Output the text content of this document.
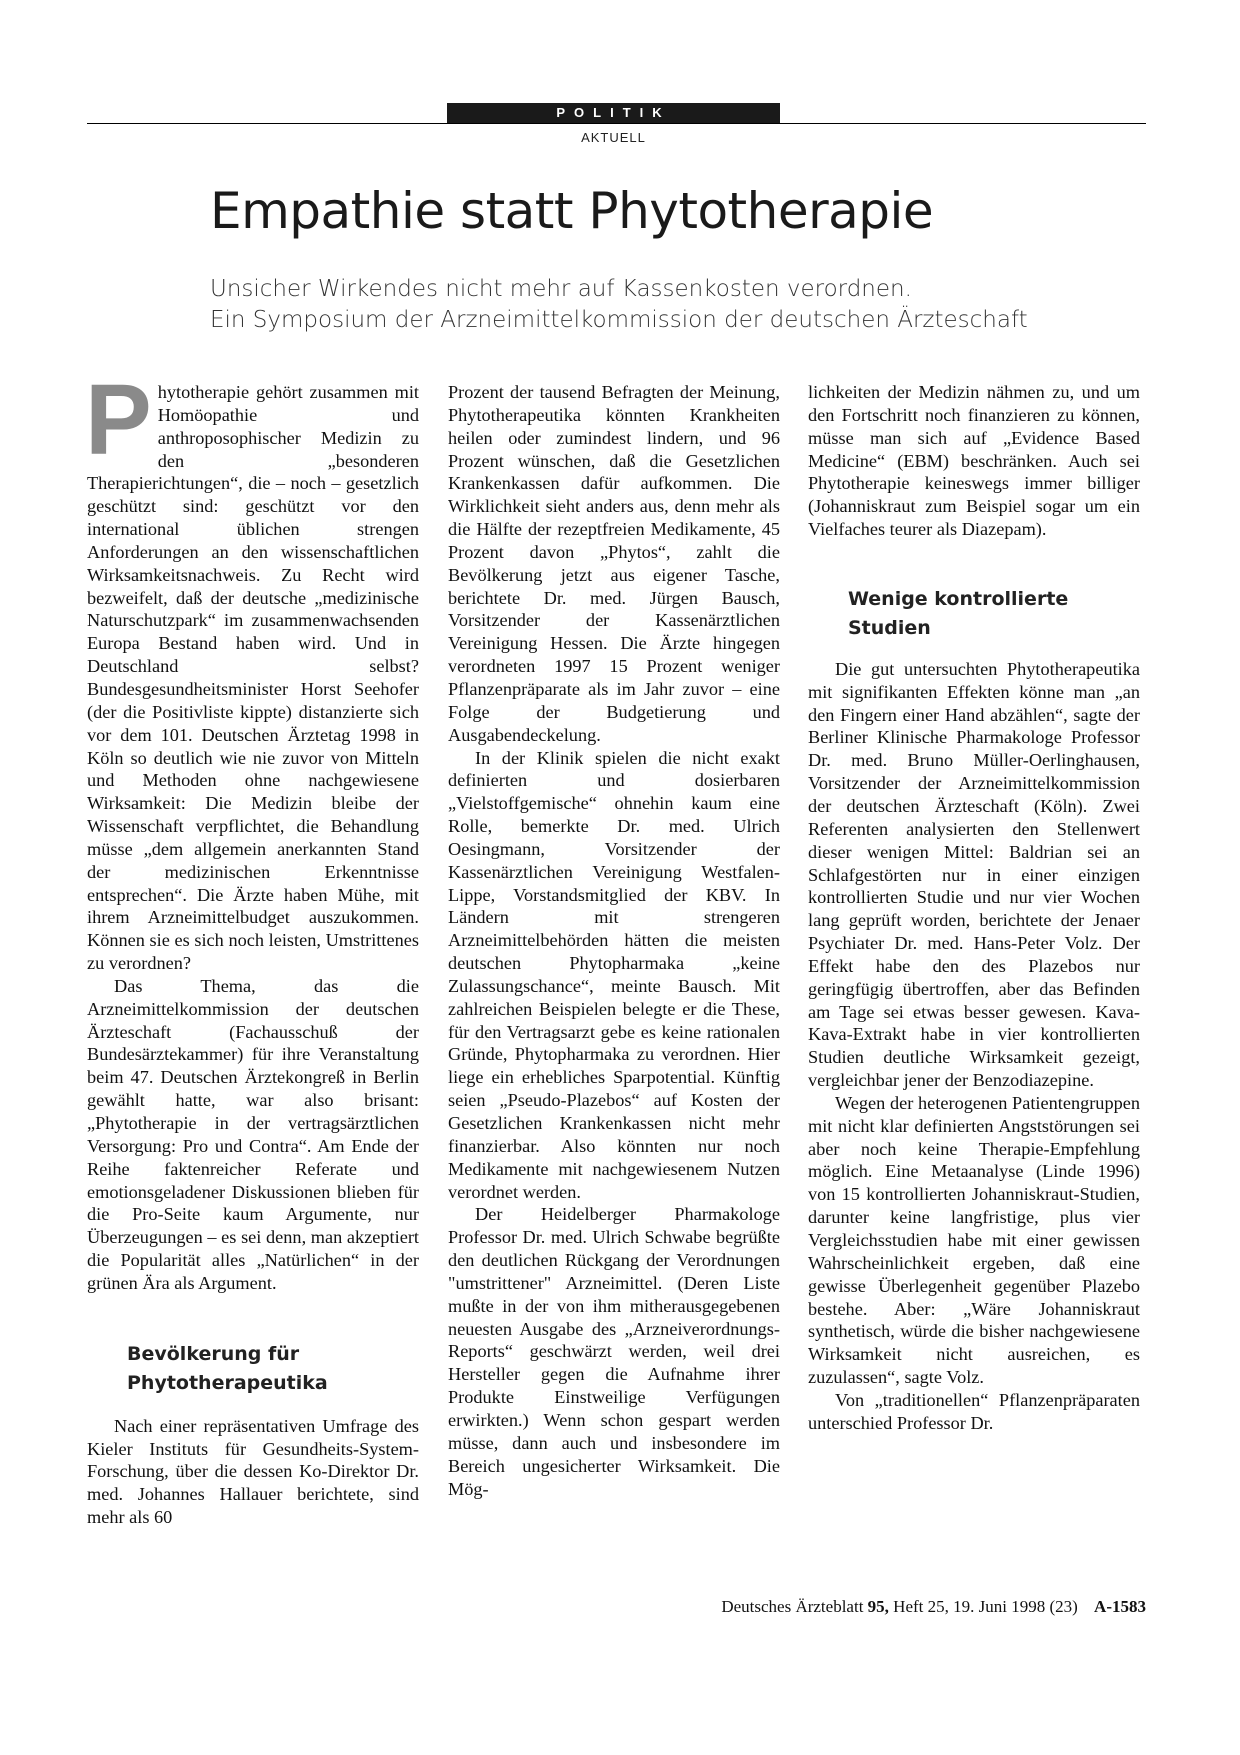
POLITIK
AKTUELL
Empathie statt Phytotherapie
Unsicher Wirkendes nicht mehr auf Kassenkosten verordnen.
Ein Symposium der Arzneimittelkommission der deutschen Ärzteschaft

Phytotherapie gehört zusammen mit Homöopathie und anthroposophischer Medizin zu den „besonderen Therapierichtungen“, die – noch – gesetzlich geschützt sind: geschützt vor den international üblichen strengen Anforderungen an den wissenschaftlichen Wirksamkeitsnachweis. Zu Recht wird bezweifelt, daß der deutsche „medizinische Naturschutzpark“ im zusammenwachsenden Europa Bestand haben wird. Und in Deutschland selbst? Bundesgesundheitsminister Horst Seehofer (der die Positivliste kippte) distanzierte sich vor dem 101. Deutschen Ärztetag 1998 in Köln so deutlich wie nie zuvor von Mitteln und Methoden ohne nachgewiesene Wirksamkeit: Die Medizin bleibe der Wissenschaft verpflichtet, die Behandlung müsse „dem allgemein anerkannten Stand der medizinischen Erkenntnisse entsprechen“. Die Ärzte haben Mühe, mit ihrem Arzneimittelbudget auszukommen. Können sie es sich noch leisten, Umstrittenes zu verordnen?

Das Thema, das die Arzneimittelkommission der deutschen Ärzteschaft (Fachausschuß der Bundesärztekammer) für ihre Veranstaltung beim 47. Deutschen Ärztekongreß in Berlin gewählt hatte, war also brisant: „Phytotherapie in der vertragsärztlichen Versorgung: Pro und Contra“. Am Ende der Reihe faktenreicher Referate und emotionsgeladener Diskussionen blieben für die Pro-Seite kaum Argumente, nur Überzeugungen – es sei denn, man akzeptiert die Popularität alles „Natürlichen“ in der grünen Ära als Argument.

Bevölkerung für
Phytotherapeutika

Nach einer repräsentativen Umfrage des Kieler Instituts für Gesundheits-System-Forschung, über die dessen Ko-Direktor Dr. med. Johannes Hallauer berichtete, sind mehr als 60

Prozent der tausend Befragten der Meinung, Phytotherapeutika könnten Krankheiten heilen oder zumindest lindern, und 96 Prozent wünschen, daß die Gesetzlichen Krankenkassen dafür aufkommen. Die Wirklichkeit sieht anders aus, denn mehr als die Hälfte der rezeptfreien Medikamente, 45 Prozent davon „Phytos“, zahlt die Bevölkerung jetzt aus eigener Tasche, berichtete Dr. med. Jürgen Bausch, Vorsitzender der Kassenärztlichen Vereinigung Hessen. Die Ärzte hingegen verordneten 1997 15 Prozent weniger Pflanzenpräparate als im Jahr zuvor – eine Folge der Budgetierung und Ausgabendeckelung.

In der Klinik spielen die nicht exakt definierten und dosierbaren „Vielstoffgemische“ ohnehin kaum eine Rolle, bemerkte Dr. med. Ulrich Oesingmann, Vorsitzender der Kassenärztlichen Vereinigung Westfalen-Lippe, Vorstandsmitglied der KBV. In Ländern mit strengeren Arzneimittelbehörden hätten die meisten deutschen Phytopharmaka „keine Zulassungschance“, meinte Bausch. Mit zahlreichen Beispielen belegte er die These, für den Vertragsarzt gebe es keine rationalen Gründe, Phytopharmaka zu verordnen. Hier liege ein erhebliches Sparpotential. Künftig seien „Pseudo-Plazebos“ auf Kosten der Gesetzlichen Krankenkassen nicht mehr finanzierbar. Also könnten nur noch Medikamente mit nachgewiesenem Nutzen verordnet werden.

Der Heidelberger Pharmakologe Professor Dr. med. Ulrich Schwabe begrüßte den deutlichen Rückgang der Verordnungen "umstrittener" Arzneimittel. (Deren Liste mußte in der von ihm mitherausgegebenen neuesten Ausgabe des „Arzneiverordnungs-Reports“ geschwärzt werden, weil drei Hersteller gegen die Aufnahme ihrer Produkte Einstweilige Verfügungen erwirkten.) Wenn schon gespart werden müsse, dann auch und insbesondere im Bereich ungesicherter Wirksamkeit. Die Mög-

lichkeiten der Medizin nähmen zu, und um den Fortschritt noch finanzieren zu können, müsse man sich auf „Evidence Based Medicine“ (EBM) beschränken. Auch sei Phytotherapie keineswegs immer billiger (Johanniskraut zum Beispiel sogar um ein Vielfaches teurer als Diazepam).

Wenige kontrollierte
Studien

Die gut untersuchten Phytotherapeutika mit signifikanten Effekten könne man „an den Fingern einer Hand abzählen“, sagte der Berliner Klinische Pharmakologe Professor Dr. med. Bruno Müller-Oerlinghausen, Vorsitzender der Arzneimittelkommission der deutschen Ärzteschaft (Köln). Zwei Referenten analysierten den Stellenwert dieser wenigen Mittel: Baldrian sei an Schlafgestörten nur in einer einzigen kontrollierten Studie und nur vier Wochen lang geprüft worden, berichtete der Jenaer Psychiater Dr. med. Hans-Peter Volz. Der Effekt habe den des Plazebos nur geringfügig übertroffen, aber das Befinden am Tage sei etwas besser gewesen. Kava-Kava-Extrakt habe in vier kontrollierten Studien deutliche Wirksamkeit gezeigt, vergleichbar jener der Benzodiazepine.

Wegen der heterogenen Patientengruppen mit nicht klar definierten Angststörungen sei aber noch keine Therapie-Empfehlung möglich. Eine Metaanalyse (Linde 1996) von 15 kontrollierten Johanniskraut-Studien, darunter keine langfristige, plus vier Vergleichsstudien habe mit einer gewissen Wahrscheinlichkeit ergeben, daß eine gewisse Überlegenheit gegenüber Plazebo bestehe. Aber: „Wäre Johanniskraut synthetisch, würde die bisher nachgewiesene Wirksamkeit nicht ausreichen, es zuzulassen“, sagte Volz.

Von „traditionellen“ Pflanzenpräparaten unterschied Professor Dr.

Deutsches Ärzteblatt 95, Heft 25, 19. Juni 1998 (23) A-1583
